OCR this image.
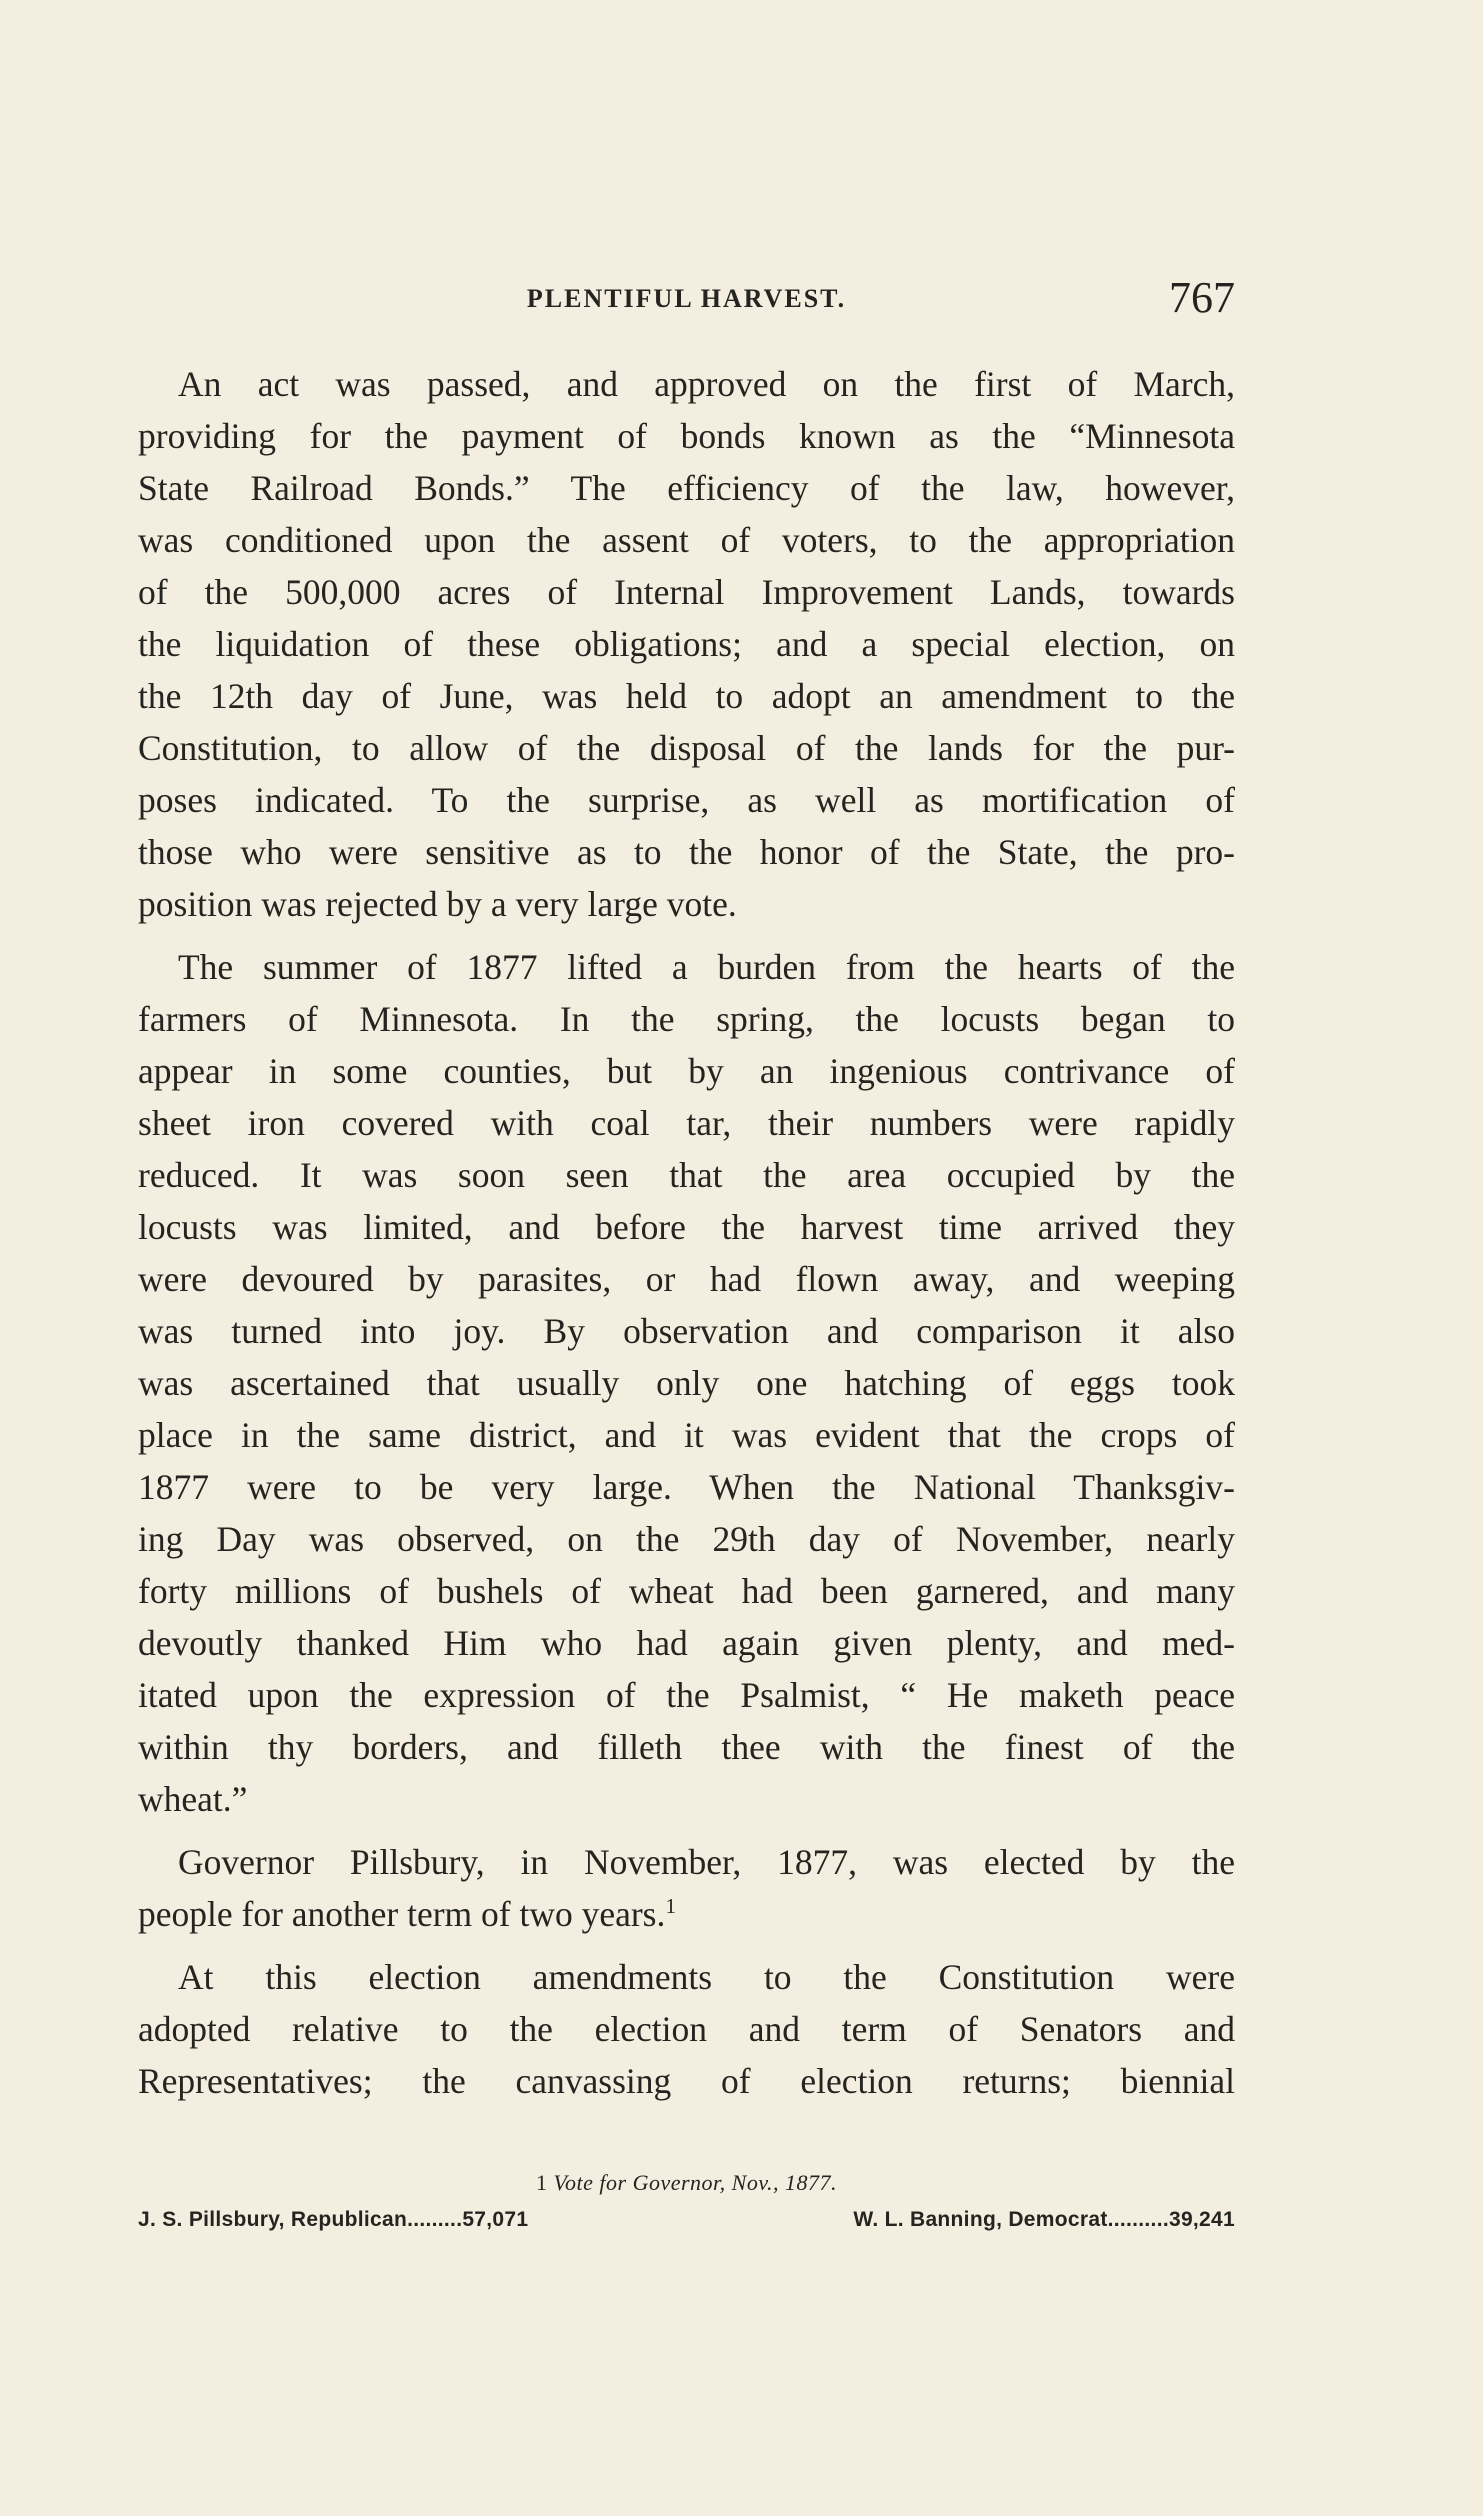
PLENTIFUL HARVEST.	767

An act was passed, and approved on the first of March,
providing for the payment of bonds known as the “Minnesota
State Railroad Bonds.” The efficiency of the law, however,
was conditioned upon the assent of voters, to the appropriation
of the 500,000 acres of Internal Improvement Lands, towards
the liquidation of these obligations; and a special election, on
the 12th day of June, was held to adopt an amendment to the
Constitution, to allow of the disposal of the lands for the pur-
poses indicated. To the surprise, as well as mortification of
those who were sensitive as to the honor of the State, the pro-
position was rejected by a very large vote.

The summer of 1877 lifted a burden from the hearts of the
farmers of Minnesota. In the spring, the locusts began to
appear in some counties, but by an ingenious contrivance of
sheet iron covered with coal tar, their numbers were rapidly
reduced. It was soon seen that the area occupied by the
locusts was limited, and before the harvest time arrived they
were devoured by parasites, or had flown away, and weeping
was turned into joy. By observation and comparison it also
was ascertained that usually only one hatching of eggs took
place in the same district, and it was evident that the crops of
1877 were to be very large. When the National Thanksgiv-
ing Day was observed, on the 29th day of November, nearly
forty millions of bushels of wheat had been garnered, and many
devoutly thanked Him who had again given plenty, and med-
itated upon the expression of the Psalmist, “ He maketh peace
within thy borders, and filleth thee with the finest of the
wheat.”

Governor Pillsbury, in November, 1877, was elected by the
people for another term of two years.$^1$

At this election amendments to the Constitution were
adopted relative to the election and term of Senators and
Representatives; the canvassing of election returns; biennial

1 Vote for Governor, Nov., 1877.
J. S. Pillsbury, Republican.........57,071	W. L. Banning, Democrat..........39,241
